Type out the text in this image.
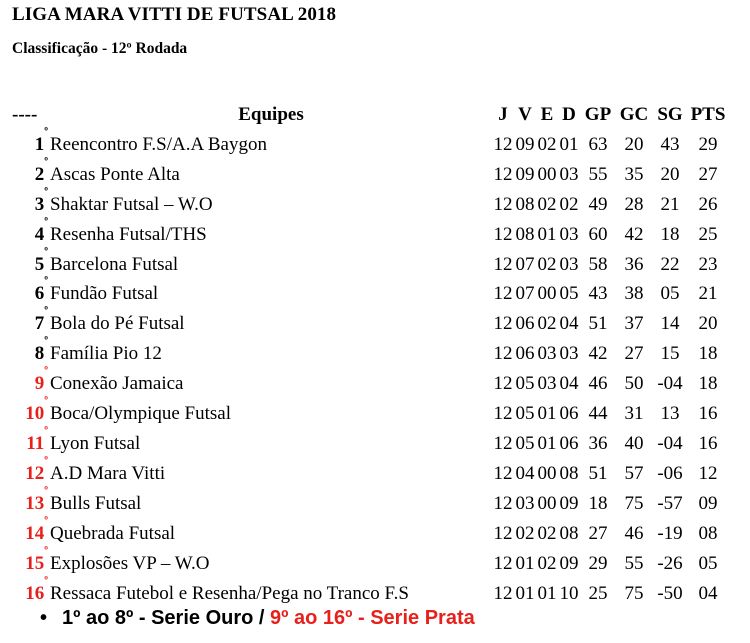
LIGA MARA VITTI DE FUTSAL 2018
Classificação - 12º Rodada
----	Equipes	J	V	E	D	GP	GC	SG	PTS
$1^º$	Reencontro F.S/A.A Baygon	12	09	02	01	63	20	43	29
$2^º$	Ascas Ponte Alta	12	09	00	03	55	35	20	27
$3^º$	Shaktar Futsal – W.O	12	08	02	02	49	28	21	26
$4^º$	Resenha Futsal/THS	12	08	01	03	60	42	18	25
$5^º$	Barcelona Futsal	12	07	02	03	58	36	22	23
$6^º$	Fundão Futsal	12	07	00	05	43	38	05	21
$7^º$	Bola do Pé Futsal	12	06	02	04	51	37	14	20
$8^º$	Família Pio 12	12	06	03	03	42	27	15	18
$9^º$	Conexão Jamaica	12	05	03	04	46	50	-04	18
$10^º$	Boca/Olympique Futsal	12	05	01	06	44	31	13	16
$11^º$	Lyon Futsal	12	05	01	06	36	40	-04	16
$12^º$	A.D Mara Vitti	12	04	00	08	51	57	-06	12
$13^º$	Bulls Futsal	12	03	00	09	18	75	-57	09
$14^º$	Quebrada Futsal	12	02	02	08	27	46	-19	08
$15^º$	Explosões VP – W.O	12	01	02	09	29	55	-26	05
$16^º$	Ressaca Futebol e Resenha/Pega no Tranco F.S	12	01	01	10	25	75	-50	04
• 1º ao 8º - Serie Ouro / 9º ao 16º - Serie Prata
